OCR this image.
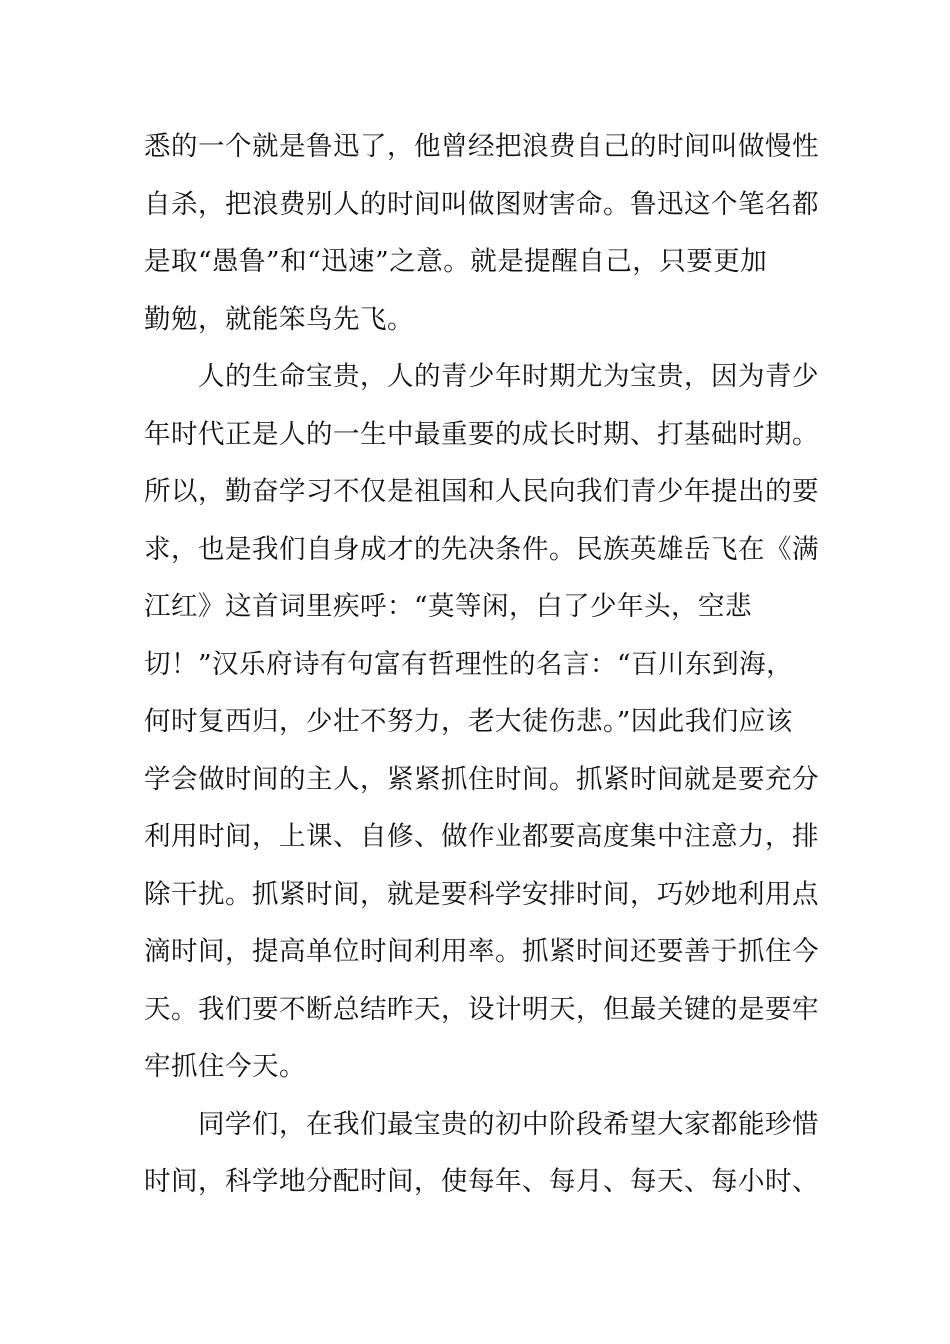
悉的一个就是鲁迅了，他曾经把浪费自己的时间叫做慢性
自杀，把浪费别人的时间叫做图财害命。鲁迅这个笔名都
是取“愚鲁”和“迅速”之意。就是提醒自己，只要更加
勤勉，就能笨鸟先飞。
人的生命宝贵，人的青少年时期尤为宝贵，因为青少
年时代正是人的一生中最重要的成长时期、打基础时期。
所以，勤奋学习不仅是祖国和人民向我们青少年提出的要
求，也是我们自身成才的先决条件。民族英雄岳飞在《满
江红》这首词里疾呼：“莫等闲，白了少年头，空悲
切！”汉乐府诗有句富有哲理性的名言：“百川东到海，
何时复西归，少壮不努力，老大徒伤悲。”因此我们应该
学会做时间的主人，紧紧抓住时间。抓紧时间就是要充分
利用时间，上课、自修、做作业都要高度集中注意力，排
除干扰。抓紧时间，就是要科学安排时间，巧妙地利用点
滴时间，提高单位时间利用率。抓紧时间还要善于抓住今
天。我们要不断总结昨天，设计明天，但最关键的是要牢
牢抓住今天。
同学们，在我们最宝贵的初中阶段希望大家都能珍惜
时间，科学地分配时间，使每年、每月、每天、每小时、
